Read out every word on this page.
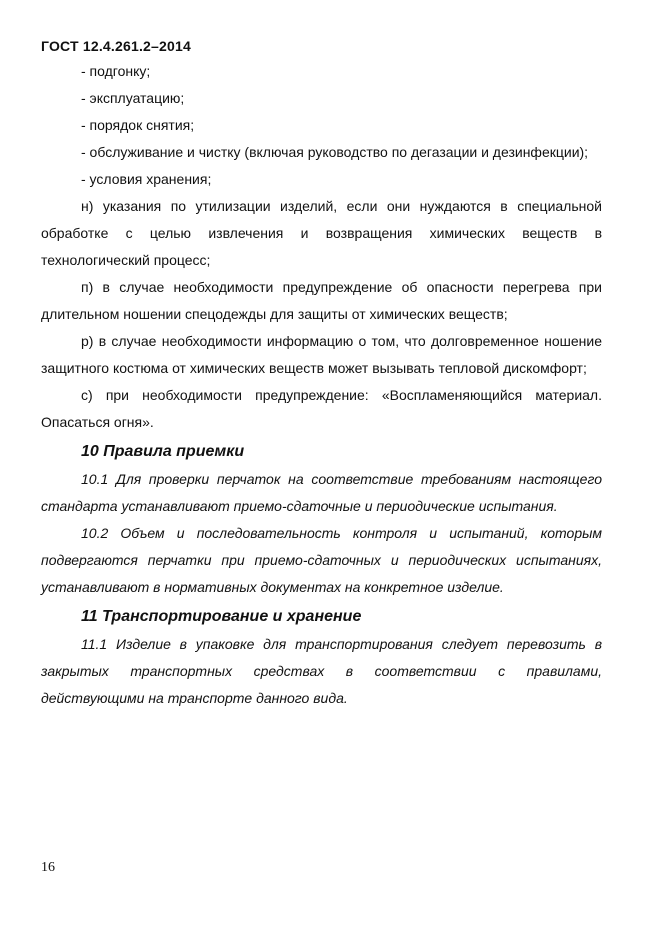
ГОСТ 12.4.261.2–2014

- подгонку;

- эксплуатацию;

- порядок снятия;

- обслуживание и чистку (включая руководство по дегазации и дезинфекции);

- условия хранения;

н) указания по утилизации изделий, если они нуждаются в специальной обработке с целью извлечения и возвращения химических веществ в технологический процесс;

п) в случае необходимости предупреждение об опасности перегрева при длительном ношении спецодежды для защиты от химических веществ;

р) в случае необходимости информацию о том, что долговременное ношение защитного костюма от химических веществ может вызывать тепловой дискомфорт;

с) при необходимости предупреждение: «Воспламеняющийся материал. Опасаться огня».

10 Правила приемки

10.1 Для проверки перчаток на соответствие требованиям настоящего стандарта устанавливают приемо-сдаточные и периодические испытания.

10.2 Объем и последовательность контроля и испытаний, которым подвергаются перчатки при приемо-сдаточных и периодических испытаниях, устанавливают в нормативных документах на конкретное изделие.

11 Транспортирование и хранение

11.1 Изделие в упаковке для транспортирования следует перевозить в закрытых транспортных средствах в соответствии с правилами, действующими на транспорте данного вида.

16
